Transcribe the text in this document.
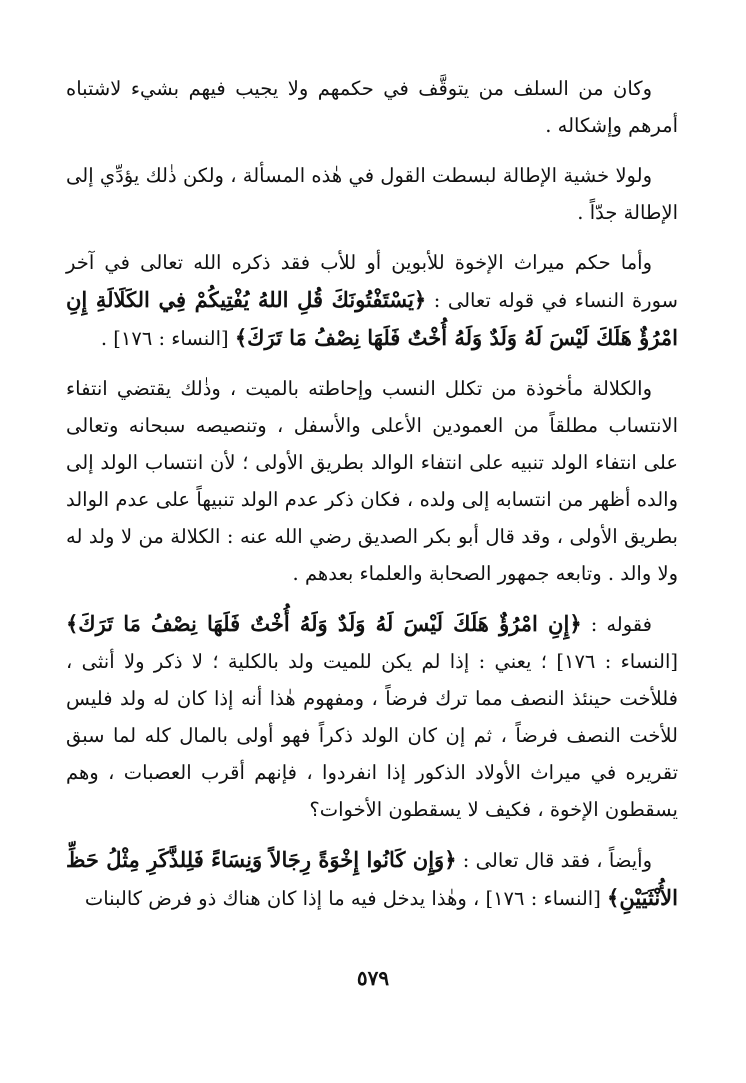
وكان من السلف من يتوقَّف في حكمهم ولا يجيب فيهم بشيء لاشتباه أمرهم وإشكاله .

ولولا خشية الإطالة لبسطت القول في هٰذه المسألة ، ولكن ذٰلك يؤدِّي إلى الإطالة جدّاً .

وأما حكم ميراث الإخوة للأبوين أو للأب فقد ذكره الله تعالى في آخر سورة النساء في قوله تعالى : ﴿يَسْتَفْتُونَكَ قُلِ اللهُ يُفْتِيكُمْ فِي الكَلَالَةِ إِنِ امْرُؤٌ هَلَكَ لَيْسَ لَهُ وَلَدٌ وَلَهُ أُخْتٌ فَلَهَا نِصْفُ مَا تَرَكَ﴾ [النساء : ١٧٦] .

والكلالة مأخوذة من تكلل النسب وإحاطته بالميت ، وذٰلك يقتضي انتفاء الانتساب مطلقاً من العمودين الأعلى والأسفل ، وتنصيصه سبحانه وتعالى على انتفاء الولد تنبيه على انتفاء الوالد بطريق الأولى ؛ لأن انتساب الولد إلى والده أظهر من انتسابه إلى ولده ، فكان ذكر عدم الولد تنبيهاً على عدم الوالد بطريق الأولى ، وقد قال أبو بكر الصديق رضي الله عنه : الكلالة من لا ولد له ولا والد . وتابعه جمهور الصحابة والعلماء بعدهم .

فقوله : ﴿إِنِ امْرُؤٌ هَلَكَ لَيْسَ لَهُ وَلَدٌ وَلَهُ أُخْتٌ فَلَهَا نِصْفُ مَا تَرَكَ﴾ [النساء : ١٧٦] ؛ يعني : إذا لم يكن للميت ولد بالكلية ؛ لا ذكر ولا أنثى ، فللأخت حينئذ النصف مما ترك فرضاً ، ومفهوم هٰذا أنه إذا كان له ولد فليس للأخت النصف فرضاً ، ثم إن كان الولد ذكراً فهو أولى بالمال كله لما سبق تقريره في ميراث الأولاد الذكور إذا انفردوا ، فإنهم أقرب العصبات ، وهم يسقطون الإخوة ، فكيف لا يسقطون الأخوات؟

وأيضاً ، فقد قال تعالى : ﴿وَإِن كَانُوا إِخْوَةً رِجَالاً وَنِسَاءً فَلِلذَّكَرِ مِثْلُ حَظِّ الأُنْثَيَيْنِ﴾ [النساء : ١٧٦] ، وهٰذا يدخل فيه ما إذا كان هناك ذو فرض كالبنات

٥٧٩
